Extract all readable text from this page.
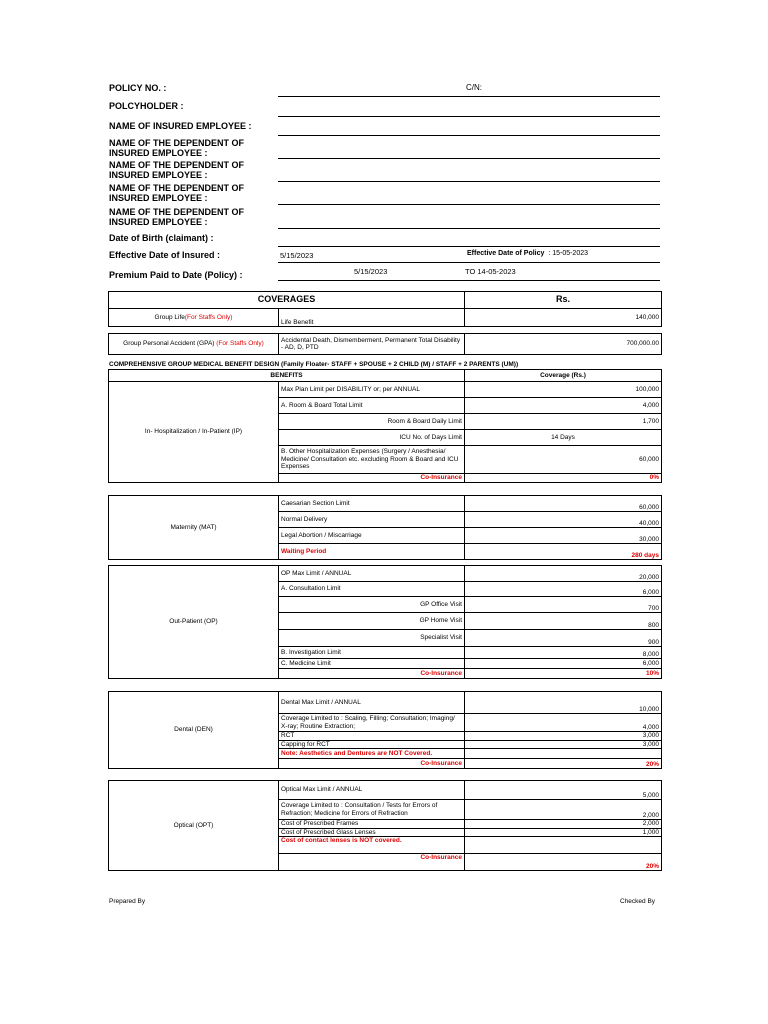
POLICY NO. :	C/N:
POLCYHOLDER :
NAME OF INSURED EMPLOYEE :
NAME OF THE DEPENDENT OF
INSURED EMPLOYEE :
NAME OF THE DEPENDENT OF
INSURED EMPLOYEE :
NAME OF THE DEPENDENT OF
INSURED EMPLOYEE :
NAME OF THE DEPENDENT OF
INSURED EMPLOYEE :
Date of Birth (claimant) :
Effective Date of Insured :	5/15/2023	Effective Date of Policy : 15-05-2023
Premium Paid to Date (Policy) :	5/15/2023	TO 14-05-2023
COVERAGES		Rs.
Group Life(For Staffs Only)	Life Benefit	140,000

Group Personal Accident (GPA) (For Staffs Only)	Accidental Death, Dismemberment, Permanent Total Disability - AD, D, PTD	700,000.00
COMPREHENSIVE GROUP MEDICAL BENEFIT DESIGN (Family Floater- STAFF + SPOUSE + 2 CHILD (M) / STAFF + 2 PARENTS (UM))
BENEFITS		Coverage (Rs.)
In- Hospitalization / In-Patient (IP)	Max Plan Limit per DISABILITY or; per ANNUAL	100,000
	A. Room & Board Total Limit	4,000
	Room & Board Daily Limit	1,700
	ICU No. of Days Limit	14 Days
	B. Other Hospitalization Expenses (Surgery / Anesthesia/ Medicine/ Consultation etc. excluding Room & Board and ICU Expenses	60,000
	Co-Insurance	0%
Maternity (MAT)	Caesarian Section Limit	60,000
	Normal Delivery	40,000
	Legal Abortion / Miscarriage	30,000
	Waiting Period	280 days
Out-Patient (OP)	OP Max Limit / ANNUAL	20,000
	A. Consultation Limit	6,000
	GP Office Visit	700
	GP Home Visit	800
	Specialist Visit	900
	B. Investigation Limit	8,000
	C. Medicine Limit	6,000
	Co-Insurance	10%
Dental (DEN)	Dental Max Limit / ANNUAL	10,000
	Coverage Limited to : Scaling, Filling; Consultation; Imaging/ X-ray; Routine Extraction;	4,000
	RCT	3,000
	Capping for RCT	3,000
	Note: Aesthetics and Dentures are NOT Covered.	
	Co-Insurance	20%
Optical (OPT)	Optical Max Limit / ANNUAL	5,000
	Coverage Limited to : Consultation / Tests for Errors of Refraction; Medicine for Errors of Refraction	2,000
	Cost of Prescribed Frames	2,000
	Cost of Prescribed Glass Lenses	1,000
	Cost of contact lenses is NOT covered.	
	Co-Insurance	20%
Prepared By	Checked By
